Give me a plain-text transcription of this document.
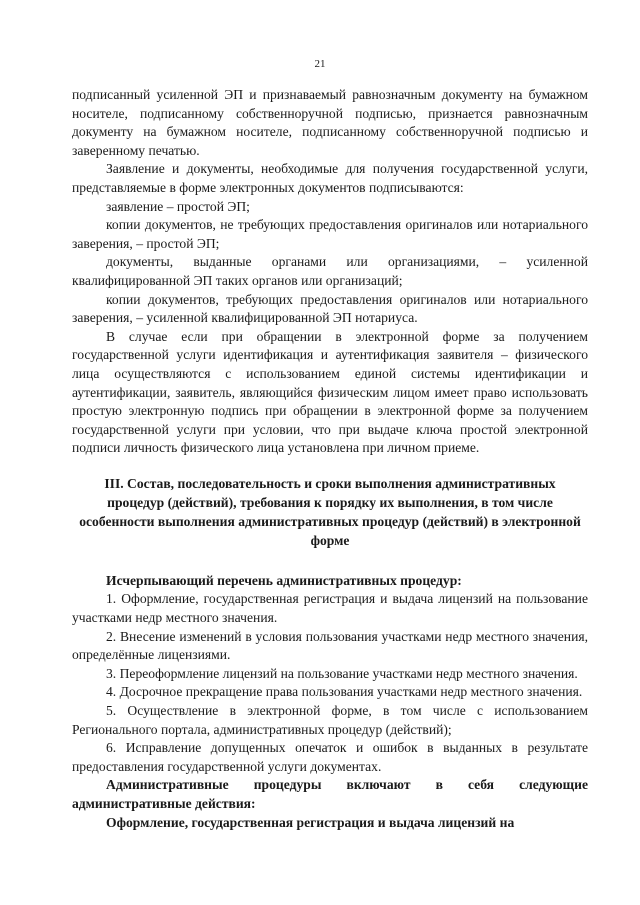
21

подписанный усиленной ЭП и признаваемый равнозначным документу на бумажном носителе, подписанному собственноручной подписью, признается равнозначным документу на бумажном носителе, подписанному собственноручной подписью и заверенному печатью.

Заявление и документы, необходимые для получения государственной услуги, представляемые в форме электронных документов подписываются:

заявление – простой ЭП;

копии документов, не требующих предоставления оригиналов или нотариального заверения, – простой ЭП;

документы, выданные органами или организациями, – усиленной квалифицированной ЭП таких органов или организаций;

копии документов, требующих предоставления оригиналов или нотариального заверения, – усиленной квалифицированной ЭП нотариуса.

В случае если при обращении в электронной форме за получением государственной услуги идентификация и аутентификация заявителя – физического лица осуществляются с использованием единой системы идентификации и аутентификации, заявитель, являющийся физическим лицом имеет право использовать простую электронную подпись при обращении в электронной форме за получением государственной услуги при условии, что при выдаче ключа простой электронной подписи личность физического лица установлена при личном приеме.

III. Состав, последовательность и сроки выполнения административных процедур (действий), требования к порядку их выполнения, в том числе особенности выполнения административных процедур (действий) в электронной форме

Исчерпывающий перечень административных процедур:

1. Оформление, государственная регистрация и выдача лицензий на пользование участками недр местного значения.

2. Внесение изменений в условия пользования участками недр местного значения, определённые лицензиями.

3. Переоформление лицензий на пользование участками недр местного значения.

4. Досрочное прекращение права пользования участками недр местного значения.

5. Осуществление в электронной форме, в том числе с использованием Регионального портала, административных процедур (действий);

6. Исправление допущенных опечаток и ошибок в выданных в результате предоставления государственной услуги документах.

Административные процедуры включают в себя следующие административные действия:

Оформление, государственная регистрация и выдача лицензий на
